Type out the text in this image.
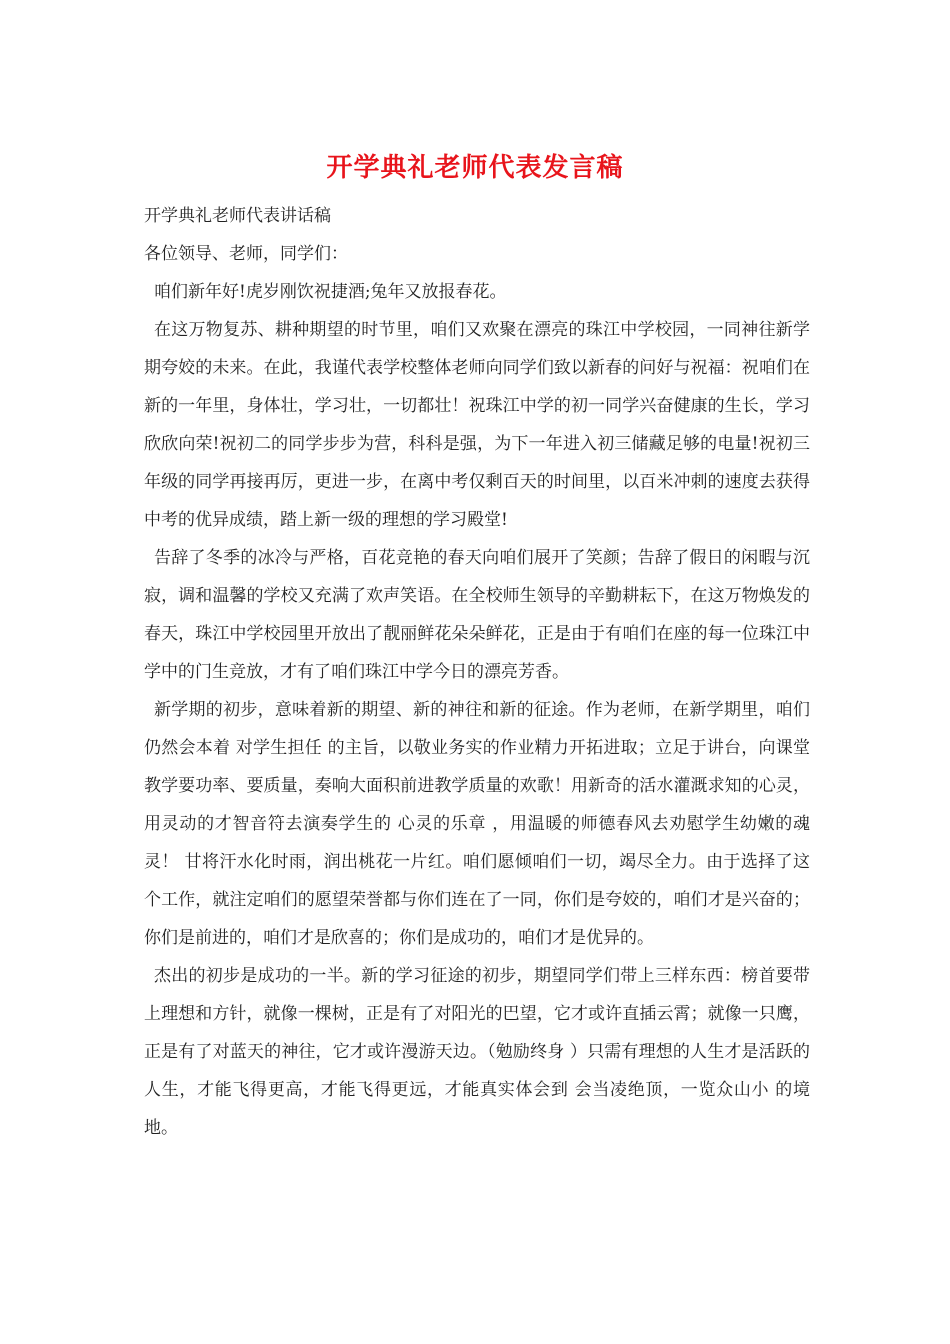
开学典礼老师代表发言稿

开学典礼老师代表讲话稿

各位领导、老师，同学们：

咱们新年好!虎岁刚饮祝捷酒;兔年又放报春花。

在这万物复苏、耕种期望的时节里，咱们又欢聚在漂亮的珠江中学校园，一同神往新学期夸姣的未来。在此，我谨代表学校整体老师向同学们致以新春的问好与祝福：祝咱们在新的一年里，身体壮，学习壮，一切都壮！祝珠江中学的初一同学兴奋健康的生长，学习欣欣向荣!祝初二的同学步步为营，科科是强，为下一年进入初三储藏足够的电量!祝初三年级的同学再接再厉，更进一步，在离中考仅剩百天的时间里，以百米冲刺的速度去获得中考的优异成绩，踏上新一级的理想的学习殿堂!

告辞了冬季的冰冷与严格，百花竞艳的春天向咱们展开了笑颜；告辞了假日的闲暇与沉寂，调和温馨的学校又充满了欢声笑语。在全校师生领导的辛勤耕耘下，在这万物焕发的春天，珠江中学校园里开放出了靓丽鲜花朵朵鲜花，正是由于有咱们在座的每一位珠江中学中的门生竞放，才有了咱们珠江中学今日的漂亮芳香。

新学期的初步，意味着新的期望、新的神往和新的征途。作为老师，在新学期里，咱们仍然会本着 对学生担任 的主旨，以敬业务实的作业精力开拓进取；立足于讲台，向课堂教学要功率、要质量，奏响大面积前进教学质量的欢歌！用新奇的活水灌溉求知的心灵，用灵动的才智音符去演奏学生的 心灵的乐章 ，用温暖的师德春风去劝慰学生幼嫩的魂灵！ 甘将汗水化时雨，润出桃花一片红。咱们愿倾咱们一切，竭尽全力。由于选择了这个工作，就注定咱们的愿望荣誉都与你们连在了一同，你们是夸姣的，咱们才是兴奋的；你们是前进的，咱们才是欣喜的；你们是成功的，咱们才是优异的。

杰出的初步是成功的一半。新的学习征途的初步，期望同学们带上三样东西：榜首要带上理想和方针，就像一棵树，正是有了对阳光的巴望，它才或许直插云霄；就像一只鹰，正是有了对蓝天的神往，它才或许漫游天边。（勉励终身 ）只需有理想的人生才是活跃的人生，才能飞得更高，才能飞得更远，才能真实体会到 会当凌绝顶，一览众山小 的境地。
